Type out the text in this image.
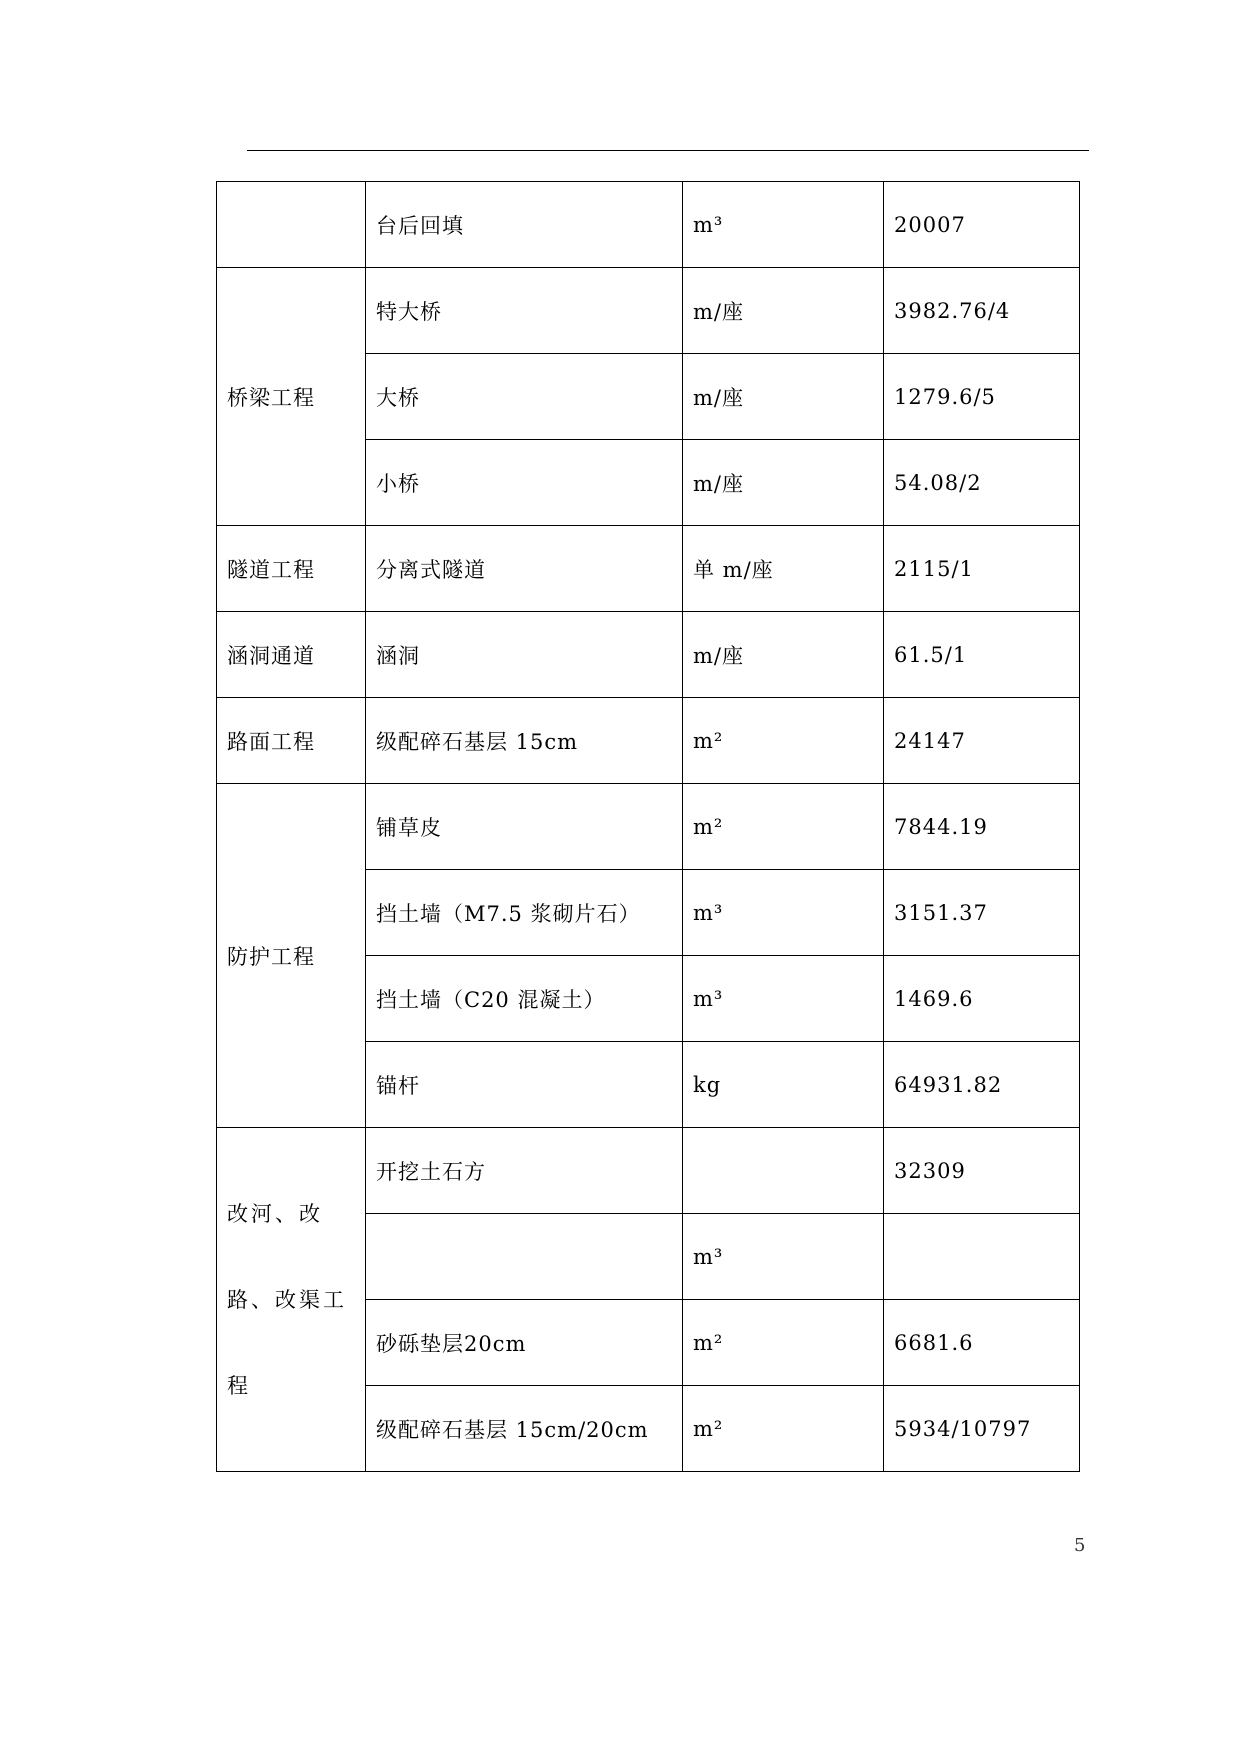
	台后回填	m³	20007
桥梁工程	特大桥	m/座	3982.76/4
	大桥	m/座	1279.6/5
	小桥	m/座	54.08/2
隧道工程	分离式隧道	单 m/座	2115/1
涵洞通道	涵洞	m/座	61.5/1
路面工程	级配碎石基层 15cm	m²	24147
防护工程	铺草皮	m²	7844.19
	挡土墙（M7.5 浆砌片石）	m³	3151.37
	挡土墙（C20 混凝土）	m³	1469.6
	锚杆	kg	64931.82
改河、改路、改渠工程	开挖土石方		32309
		m³	
	砂砾垫层20cm	m²	6681.6
	级配碎石基层 15cm/20cm	m²	5934/10797
5
